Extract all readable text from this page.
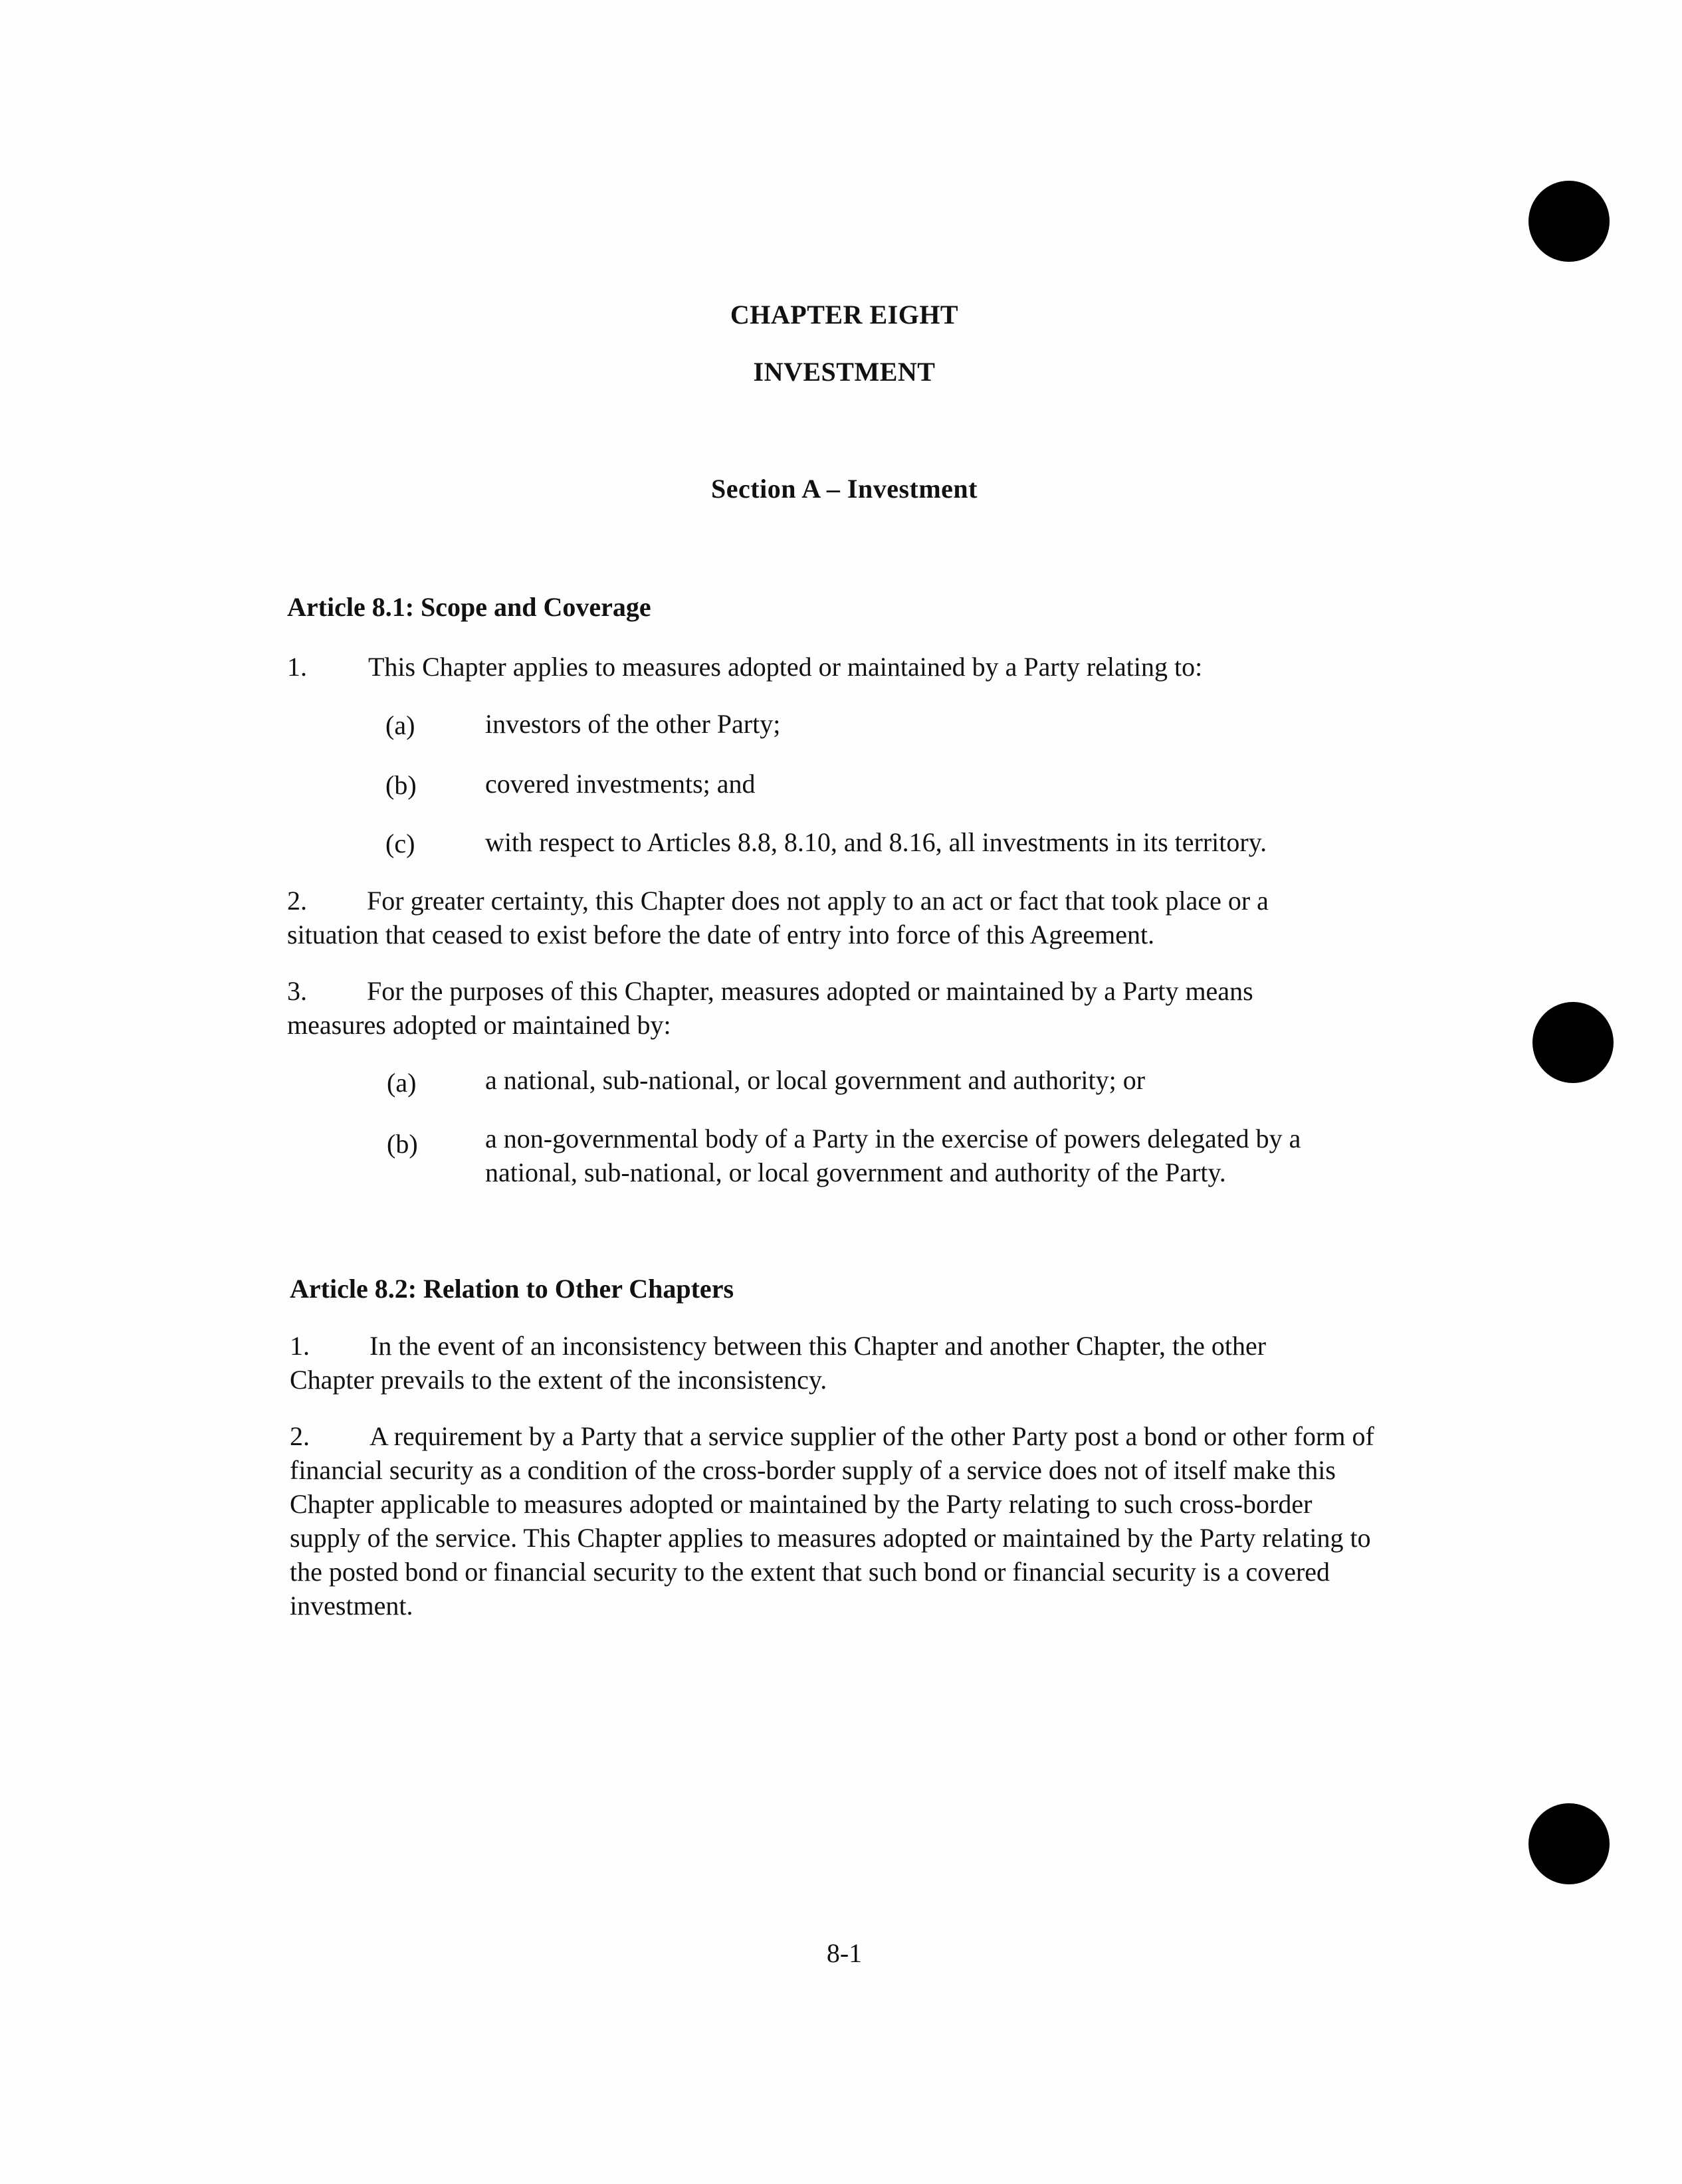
CHAPTER EIGHT
INVESTMENT
Section A – Investment
Article 8.1: Scope and Coverage
1. This Chapter applies to measures adopted or maintained by a Party relating to:
(a)	investors of the other Party;
(b)	covered investments; and
(c)	with respect to Articles 8.8, 8.10, and 8.16, all investments in its territory.
2. For greater certainty, this Chapter does not apply to an act or fact that took place or a situation that ceased to exist before the date of entry into force of this Agreement.
3. For the purposes of this Chapter, measures adopted or maintained by a Party means measures adopted or maintained by:
(a)	a national, sub-national, or local government and authority; or
(b)	a non-governmental body of a Party in the exercise of powers delegated by a national, sub-national, or local government and authority of the Party.
Article 8.2: Relation to Other Chapters
1. In the event of an inconsistency between this Chapter and another Chapter, the other Chapter prevails to the extent of the inconsistency.
2. A requirement by a Party that a service supplier of the other Party post a bond or other form of financial security as a condition of the cross-border supply of a service does not of itself make this Chapter applicable to measures adopted or maintained by the Party relating to such cross-border supply of the service. This Chapter applies to measures adopted or maintained by the Party relating to the posted bond or financial security to the extent that such bond or financial security is a covered investment.
8-1
